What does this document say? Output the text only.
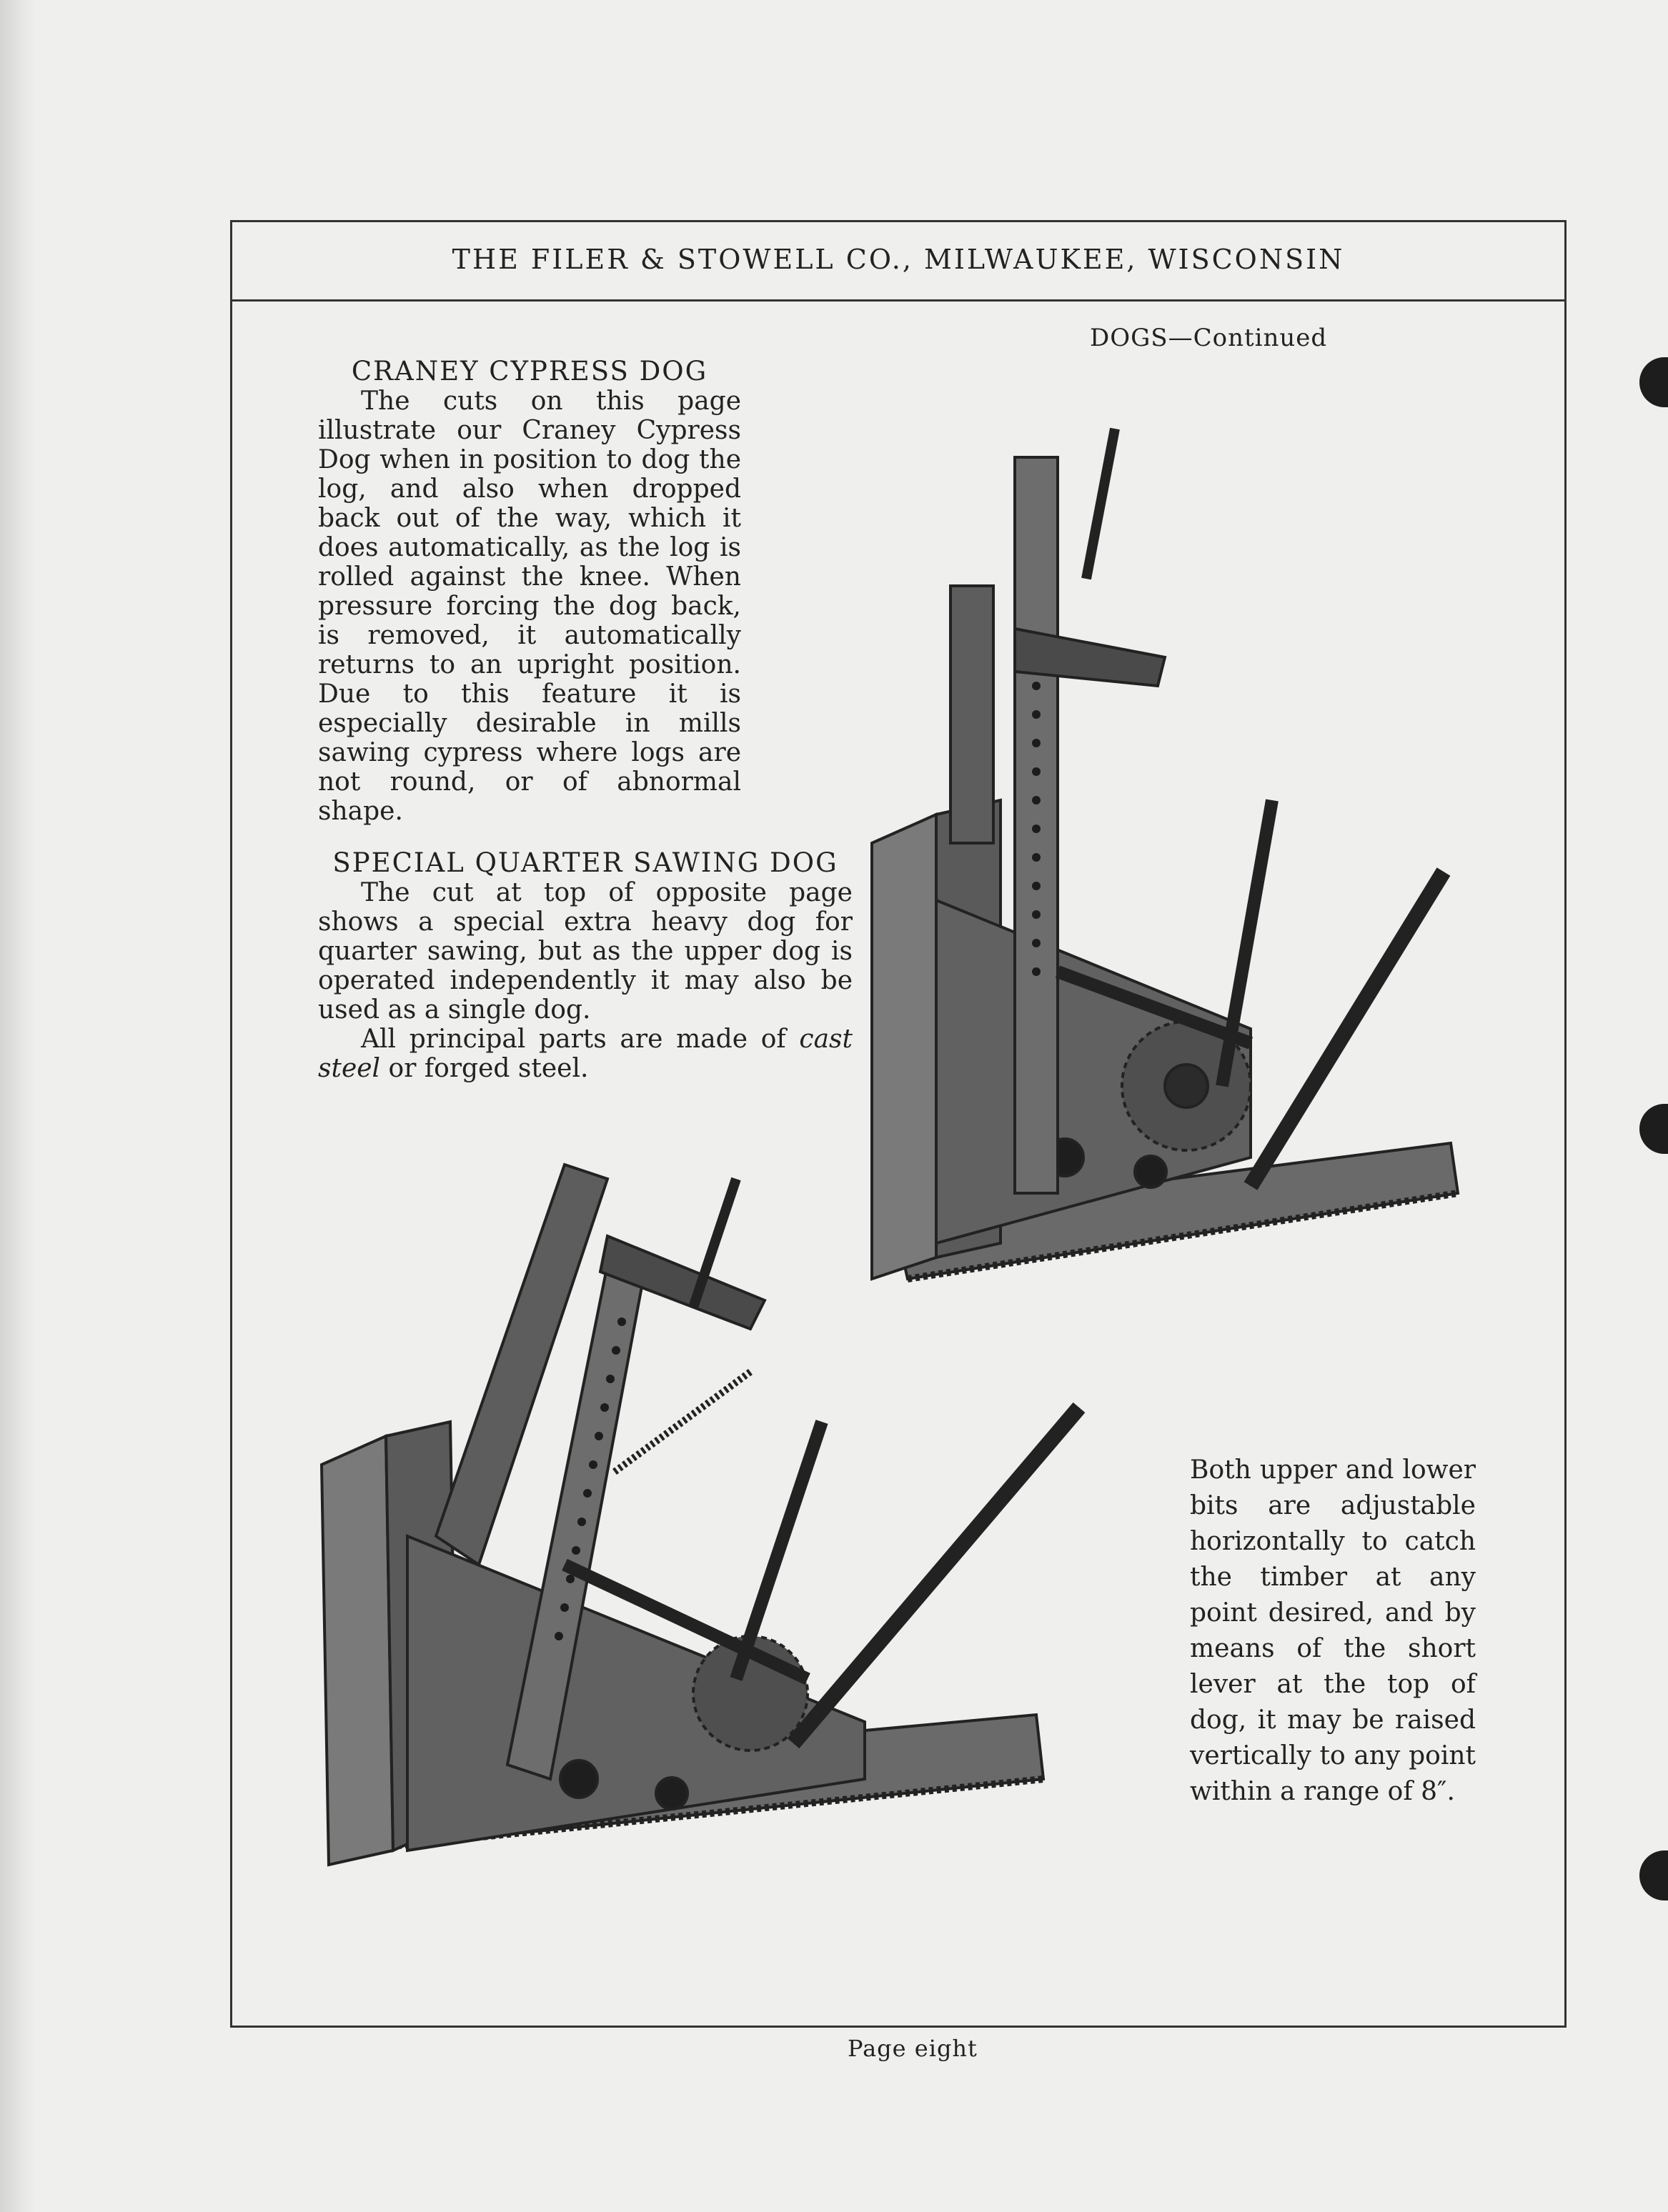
THE FILER & STOWELL CO., MILWAUKEE, WISCONSIN
DOGS—Continued

CRANEY CYPRESS DOG

The cuts on this page illustrate our Craney Cypress Dog when in position to dog the log, and also when dropped back out of the way, which it does automatically, as the log is rolled against the knee. When pressure forcing the dog back, is removed, it automatically returns to an upright position. Due to this feature it is especially desirable in mills sawing cypress where logs are not round, or of abnormal shape.

SPECIAL QUARTER SAWING DOG

The cut at top of opposite page shows a special extra heavy dog for quarter sawing, but as the upper dog is operated independently it may also be used as a single dog.

All principal parts are made of cast steel or forged steel.

Both upper and lower bits are adjustable horizontally to catch the timber at any point desired, and by means of the short lever at the top of dog, it may be raised vertically to any point within a range of 8″.
Page eight
